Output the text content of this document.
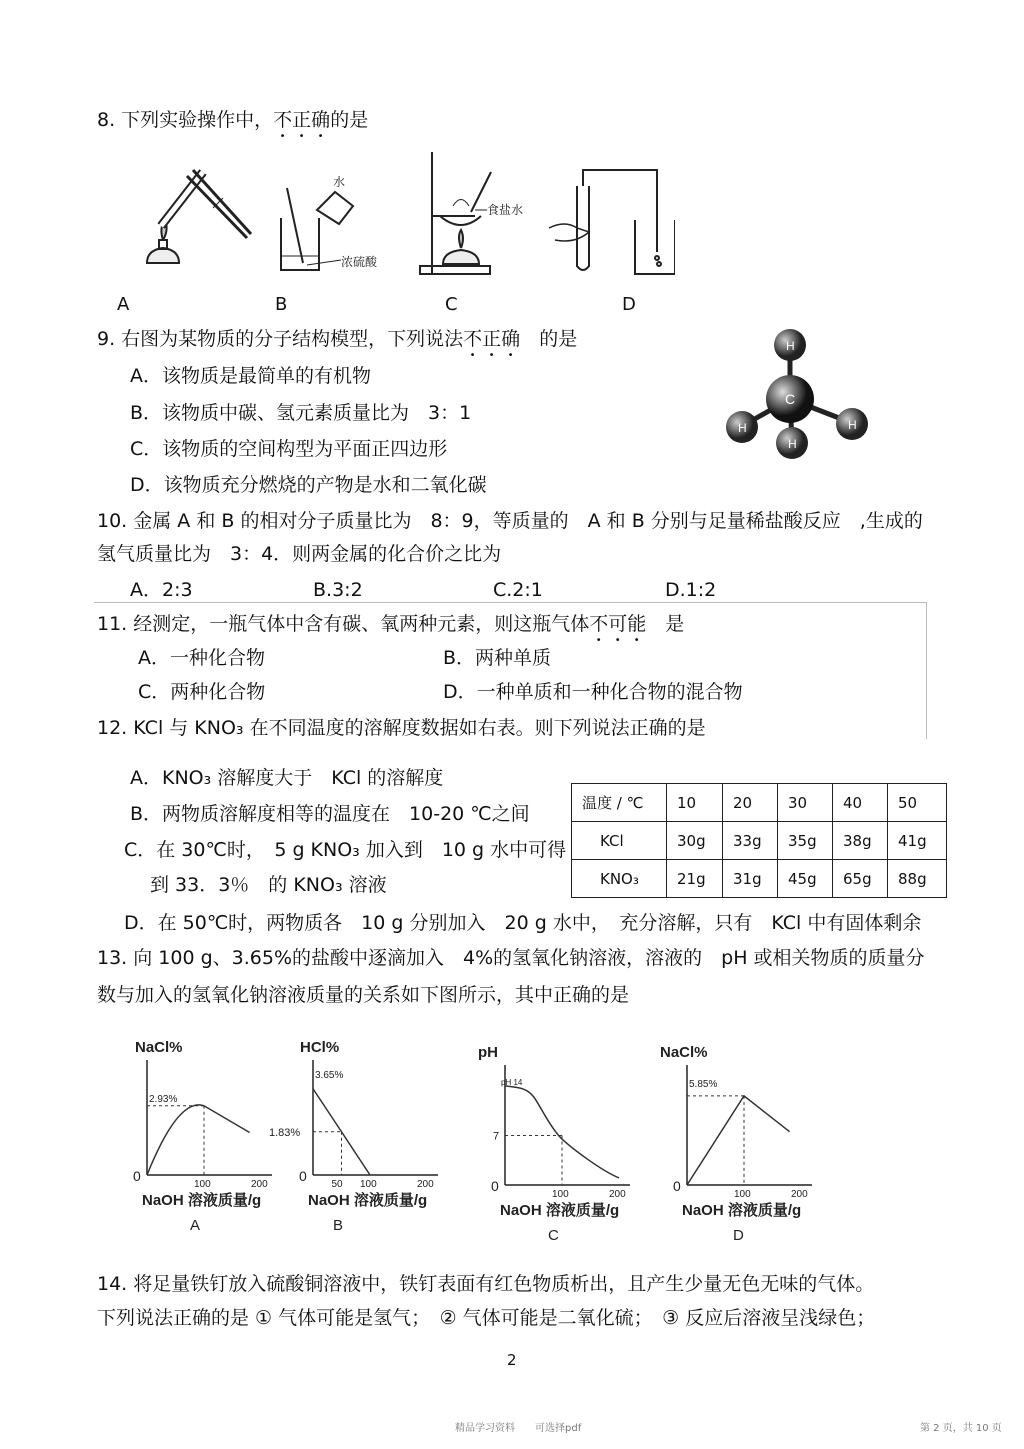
8. 下列实验操作中，不正确的是
水
浓硫酸
食盐水
A	B	C	D
9. 右图为某物质的分子结构模型，下列说法不正确　 的是
A．该物质是最简单的有机物
B．该物质中碳、氢元素质量比为　3：1
C．该物质的空间构型为平面正四边形
D．该物质充分燃烧的产物是水和二氧化碳
H
H	H
H
C
10. 金属 A 和 B 的相对分子质量比为　8：9，等质量的　A 和 B 分别与足量稀盐酸反应　,生成的
氢气质量比为　3：4．则两金属的化合价之比为
A．2:3	B.3:2	C.2:1	D.1:2
11. 经测定，一瓶气体中含有碳、氧两种元素，则这瓶气体不可能　 是
A．一种化合物	B．两种单质
C．两种化合物	D．一种单质和一种化合物的混合物
12. KCl 与 KNO₃ 在不同温度的溶解度数据如右表。则下列说法正确的是
A．KNO₃ 溶解度大于　KCl 的溶解度
B．两物质溶解度相等的温度在　10-20 ℃之间
C．在 30℃时，　5 g KNO₃ 加入到　10 g 水中可得
到 33．3％　的 KNO₃ 溶液
D．在 50℃时，两物质各　10 g 分别加入　20 g 水中，　充分溶解，只有　KCl 中有固体剩余
温度 / ℃	10	20	30	40	50
KCl	30g	33g	35g	38g	41g
KNO₃	21g	31g	45g	65g	88g
13. 向 100 g、3.65%的盐酸中逐滴加入　4%的氢氧化钠溶液，溶液的　pH 或相关物质的质量分
数与加入的氢氧化钠溶液质量的关系如下图所示，其中正确的是
NaCl%
0
NaOH 溶液质量/g
A
100	200
2.93%
HCl%
0
NaOH 溶液质量/g
B
50 100	200
1.83%
3.65%
pH
0
NaOH 溶液质量/g
C
100	200
7
pH 14
NaCl%
0
NaOH 溶液质量/g
D
100	200
5.85%
14. 将足量铁钉放入硫酸铜溶液中，铁钉表面有红色物质析出，且产生少量无色无味的气体。
下列说法正确的是 ① 气体可能是氢气；　② 气体可能是二氧化硫；　③ 反应后溶液呈浅绿色；
2
精品学习资料　　可选择pdf	第 2 页，共 10 页
